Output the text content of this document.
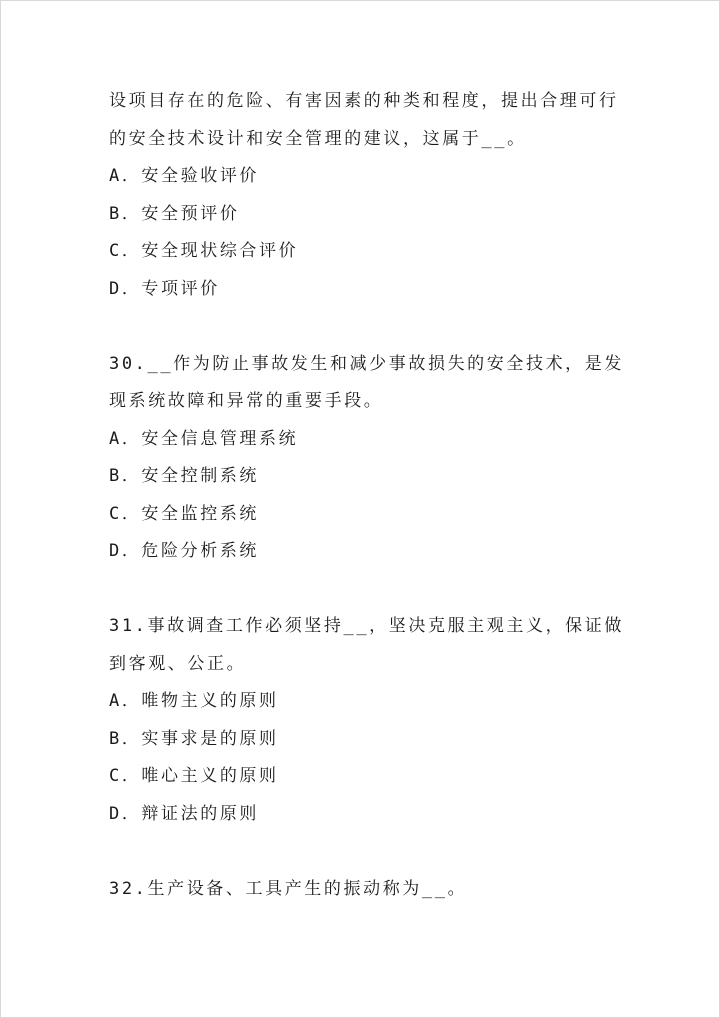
设项目存在的危险、有害因素的种类和程度，提出合理可行
的安全技术设计和安全管理的建议，这属于__。
A．安全验收评价
B．安全预评价
C．安全现状综合评价
D．专项评价
30.__作为防止事故发生和减少事故损失的安全技术，是发
现系统故障和异常的重要手段。
A．安全信息管理系统
B．安全控制系统
C．安全监控系统
D．危险分析系统
31.事故调查工作必须坚持__，坚决克服主观主义，保证做
到客观、公正。
A．唯物主义的原则
B．实事求是的原则
C．唯心主义的原则
D．辩证法的原则
32.生产设备、工具产生的振动称为__。
